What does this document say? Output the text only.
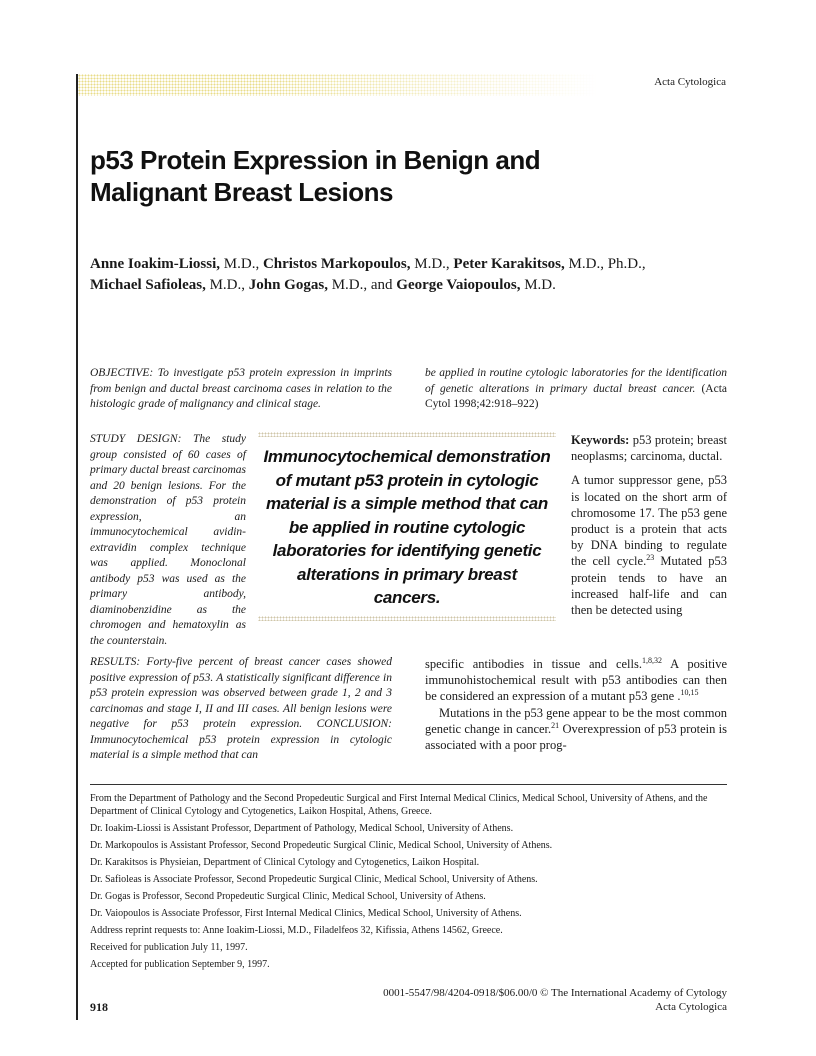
Acta Cytologica
p53 Protein Expression in Benign and
Malignant Breast Lesions
Anne Ioakim-Liossi, M.D., Christos Markopoulos, M.D., Peter Karakitsos, M.D., Ph.D.,
Michael Safioleas, M.D., John Gogas, M.D., and George Vaiopoulos, M.D.
OBJECTIVE: To investigate p53 protein expression in imprints from benign and ductal breast carcinoma cases in relation to the histologic grade of malignancy and clinical stage.
STUDY DESIGN: The study group consisted of 60 cases of primary ductal breast carcinomas and 20 benign lesions. For the demonstration of p53 protein expression, an immunocytochemical avidin-extravidin complex technique was applied. Monoclonal antibody p53 was used as the primary antibody, diaminobenzidine as the chromogen and hematoxylin as the counterstain.
RESULTS: Forty-five percent of breast cancer cases showed positive expression of p53. A statistically significant difference in p53 protein expression was observed between grade 1, 2 and 3 carcinomas and stage I, II and III cases. All benign lesions were negative for p53 protein expression. CONCLUSION: Immunocytochemical p53 protein expression in cytologic material is a simple method that can
be applied in routine cytologic laboratories for the identification of genetic alterations in primary ductal breast cancer. (Acta Cytol 1998;42:918–922)
Immunocytochemical demonstration of mutant p53 protein in cytologic material is a simple method that can be applied in routine cytologic laboratories for identifying genetic alterations in primary breast cancers.

Keywords: p53 protein; breast neoplasms; carcinoma, ductal.

A tumor suppressor gene, p53 is located on the short arm of chromosome 17. The p53 gene product is a protein that acts by DNA binding to regulate the cell cycle.$^{23}$ Mutated p53 protein tends to have an increased half-life and can then be detected using

specific antibodies in tissue and cells.$^{1,8,32}$ A positive immunohistochemical result with p53 antibodies can then be considered an expression of a mutant p53 gene .$^{10,15}$

Mutations in the p53 gene appear to be the most common genetic change in cancer.$^{21}$ Overexpression of p53 protein is associated with a poor prog-

From the Department of Pathology and the Second Propedeutic Surgical and First Internal Medical Clinics, Medical School, University of Athens, and the Department of Clinical Cytology and Cytogenetics, Laikon Hospital, Athens, Greece.

Dr. Ioakim-Liossi is Assistant Professor, Department of Pathology, Medical School, University of Athens.

Dr. Markopoulos is Assistant Professor, Second Propedeutic Surgical Clinic, Medical School, University of Athens.

Dr. Karakitsos is Physieian, Department of Clinical Cytology and Cytogenetics, Laikon Hospital.

Dr. Safioleas is Associate Professor, Second Propedeutic Surgical Clinic, Medical School, University of Athens.

Dr. Gogas is Professor, Second Propedeutic Surgical Clinic, Medical School, University of Athens.

Dr. Vaiopoulos is Associate Professor, First Internal Medical Clinics, Medical School, University of Athens.

Address reprint requests to: Anne Ioakim-Liossi, M.D., Filadelfeos 32, Kifissia, Athens 14562, Greece.

Received for publication July 11, 1997.

Accepted for publication September 9, 1997.

0001-5547/98/4204-0918/$06.00/0 © The International Academy of Cytology
918	Acta Cytologica
